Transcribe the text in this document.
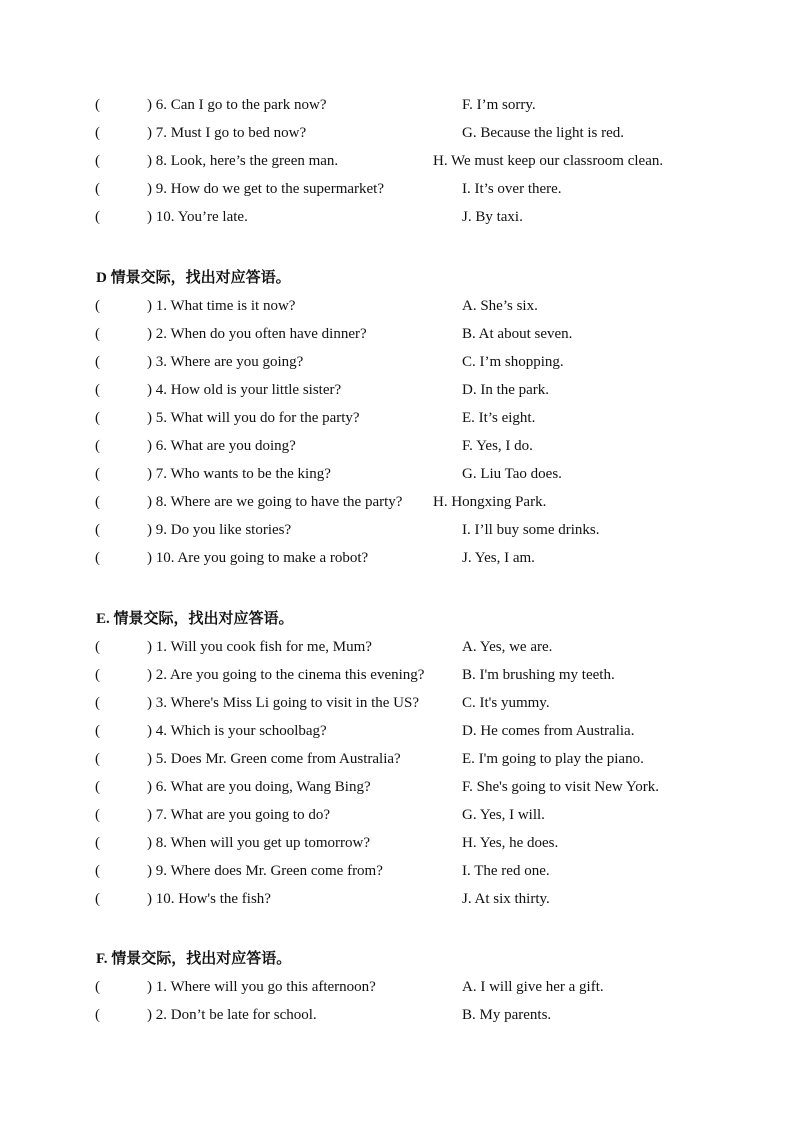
(	) 6. Can I go to the park now?	F. I’m sorry.
(	) 7. Must I go to bed now?	G. Because the light is red.
(	) 8. Look, here’s the green man.	H. We must keep our classroom clean.
(	) 9. How do we get to the supermarket?	I. It’s over there.
(	) 10. You’re late.	J. By taxi.
D 情景交际，找出对应答语。
(	) 1. What time is it now?	A. She’s six.
(	) 2. When do you often have dinner?	B. At about seven.
(	) 3. Where are you going?	C. I’m shopping.
(	) 4. How old is your little sister?	D. In the park.
(	) 5. What will you do for the party?	E. It’s eight.
(	) 6. What are you doing?	F. Yes, I do.
(	) 7. Who wants to be the king?	G. Liu Tao does.
(	) 8. Where are we going to have the party? H. Hongxing Park.
(	) 9. Do you like stories?	I. I’ll buy some drinks.
(	) 10. Are you going to make a robot?	J. Yes, I am.
E. 情景交际，找出对应答语。
(	) 1. Will you cook fish for me, Mum?	A. Yes, we are.
(	) 2. Are you going to the cinema this evening?	B. I'm brushing my teeth.
(	) 3. Where's Miss Li going to visit in the US?	C. It's yummy.
(	) 4. Which is your schoolbag?	D. He comes from Australia.
(	) 5. Does Mr. Green come from Australia?	E. I'm going to play the piano.
(	) 6. What are you doing, Wang Bing?	F. She's going to visit New York.
(	) 7. What are you going to do?	G. Yes, I will.
(	) 8. When will you get up tomorrow?	H. Yes, he does.
(	) 9. Where does Mr. Green come from?	I. The red one.
(	) 10. How's the fish?	J. At six thirty.
F. 情景交际，找出对应答语。
(	) 1. Where will you go this afternoon?	A. I will give her a gift.
(	) 2. Don’t be late for school.	B. My parents.
